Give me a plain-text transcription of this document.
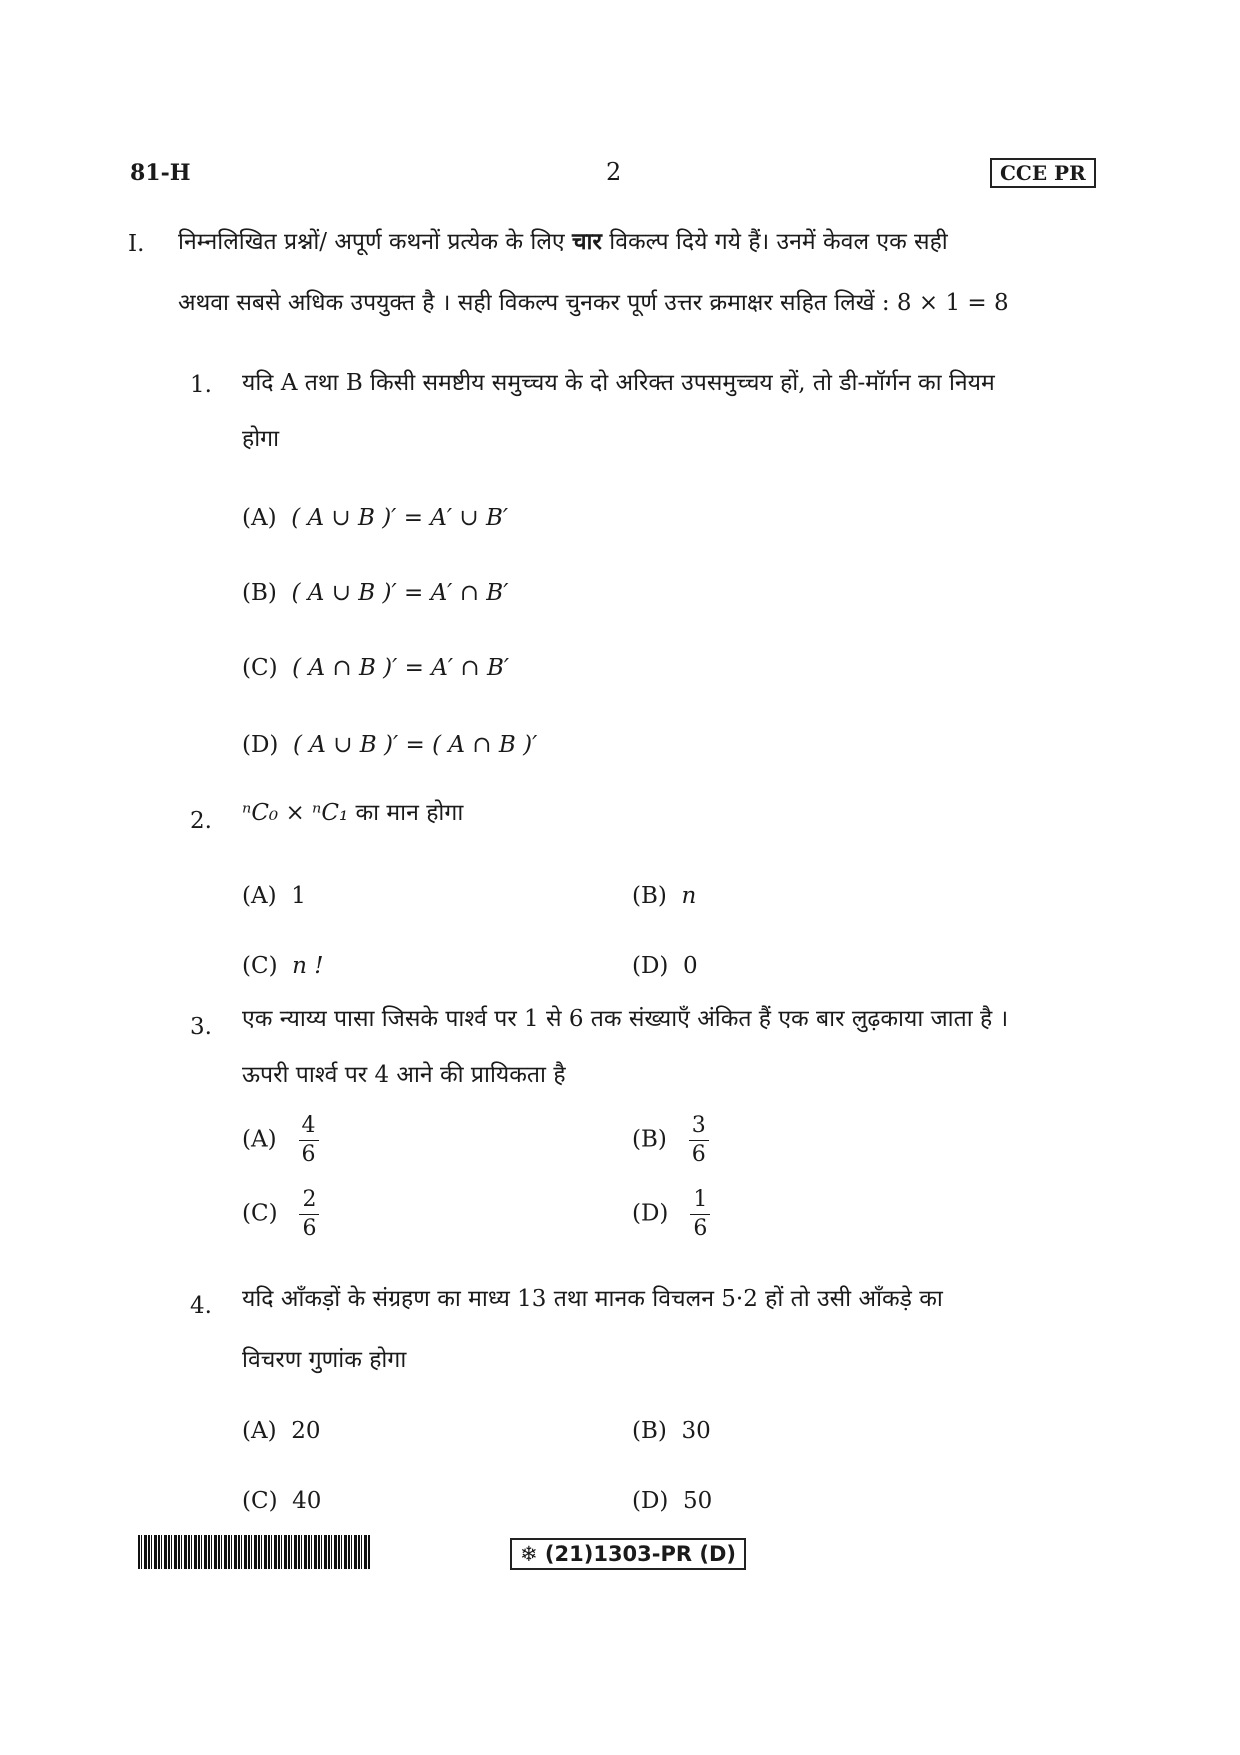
81-H	2	CCE PR
I. निम्नलिखित प्रश्नों/ अपूर्ण कथनों प्रत्येक के लिए चार विकल्प दिये गये हैं। उनमें केवल एक सही
अथवा सबसे अधिक उपयुक्त है । सही विकल्प चुनकर पूर्ण उत्तर क्रमाक्षर सहित लिखें : 8 × 1 = 8
1. यदि A तथा B किसी समष्टीय समुच्चय के दो अरिक्त उपसमुच्चय हों, तो डी-मॉर्गन का नियम
होगा
(A) ( A ∪ B )′ = A′ ∪ B′
(B) ( A ∪ B )′ = A′ ∩ B′
(C) ( A ∩ B )′ = A′ ∩ B′
(D) ( A ∪ B )′ = ( A ∩ B )′
2. ⁿC₀ × ⁿC₁ का मान होगा
(A) 1	(B) n
(C) n !	(D) 0
3. एक न्याय्य पासा जिसके पार्श्व पर 1 से 6 तक संख्याएँ अंकित हैं एक बार लुढ़काया जाता है ।
ऊपरी पार्श्व पर 4 आने की प्रायिकता है
$(A) \frac{4}{6}$	$(B) \frac{3}{6}$
$(C) \frac{2}{6}$	$(D) \frac{1}{6}$
4. यदि आँकड़ों के संग्रहण का माध्य 13 तथा मानक विचलन 5·2 हों तो उसी आँकड़े का
विचरण गुणांक होगा
(A) 20	(B) 30
(C) 40	(D) 50
❄ (21)1303-PR (D)
